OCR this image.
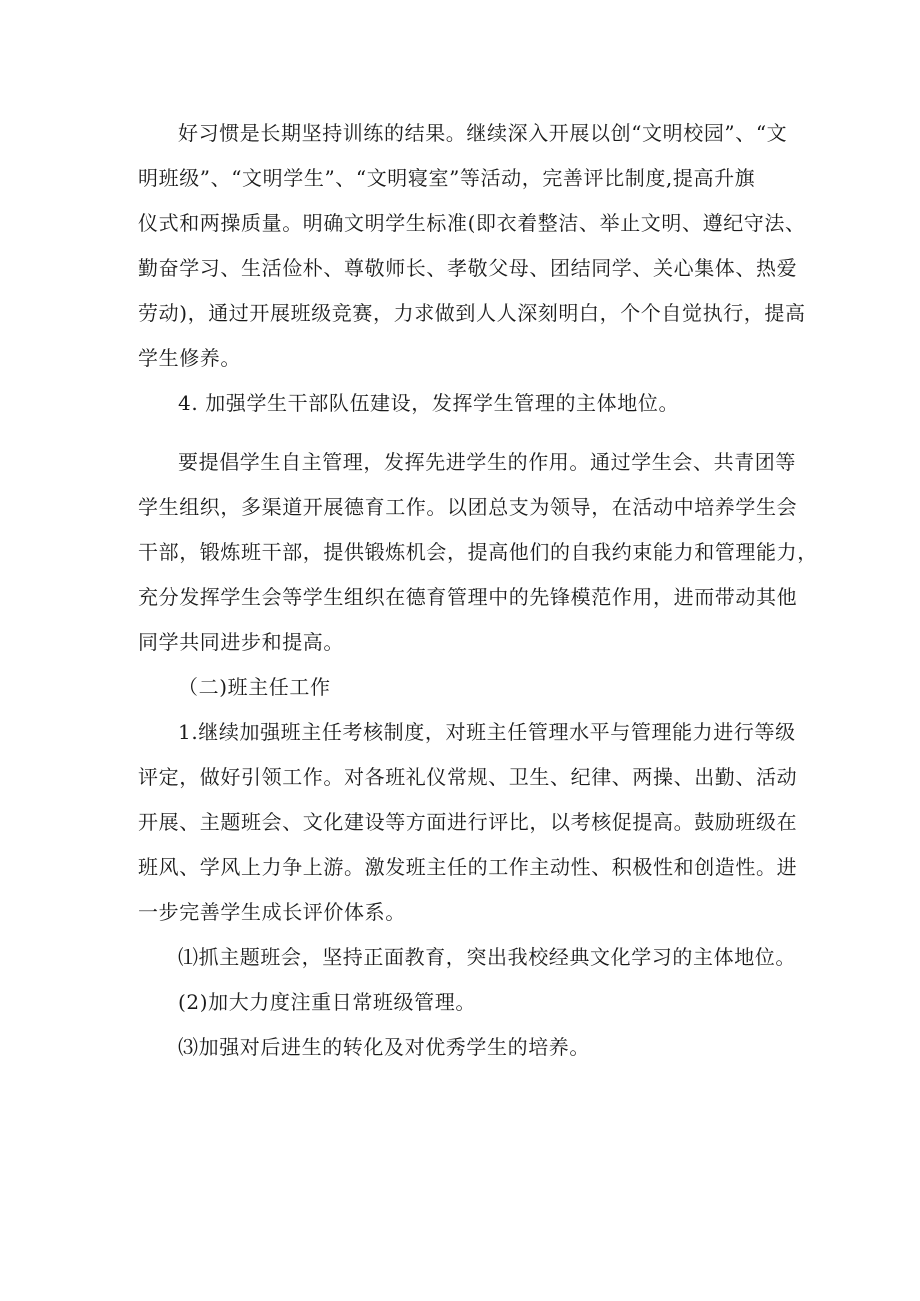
好习惯是长期坚持训练的结果。继续深入开展以创“文明校园”、“文
明班级”、“文明学生”、“文明寝室”等活动，完善评比制度,提高升旗
仪式和两操质量。明确文明学生标准(即衣着整洁、举止文明、遵纪守法、
勤奋学习、生活俭朴、尊敬师长、孝敬父母、团结同学、关心集体、热爱
劳动)，通过开展班级竞赛，力求做到人人深刻明白，个个自觉执行，提高
学生修养。

4. 加强学生干部队伍建设，发挥学生管理的主体地位。

要提倡学生自主管理，发挥先进学生的作用。通过学生会、共青团等
学生组织，多渠道开展德育工作。以团总支为领导，在活动中培养学生会
干部，锻炼班干部，提供锻炼机会，提高他们的自我约束能力和管理能力，
充分发挥学生会等学生组织在德育管理中的先锋模范作用，进而带动其他
同学共同进步和提高。

（二)班主任工作

1.继续加强班主任考核制度，对班主任管理水平与管理能力进行等级
评定，做好引领工作。对各班礼仪常规、卫生、纪律、两操、出勤、活动
开展、主题班会、文化建设等方面进行评比，以考核促提高。鼓励班级在
班风、学风上力争上游。激发班主任的工作主动性、积极性和创造性。进
一步完善学生成长评价体系。

⑴抓主题班会，坚持正面教育，突出我校经典文化学习的主体地位。

(2)加大力度注重日常班级管理。

⑶加强对后进生的转化及对优秀学生的培养。
